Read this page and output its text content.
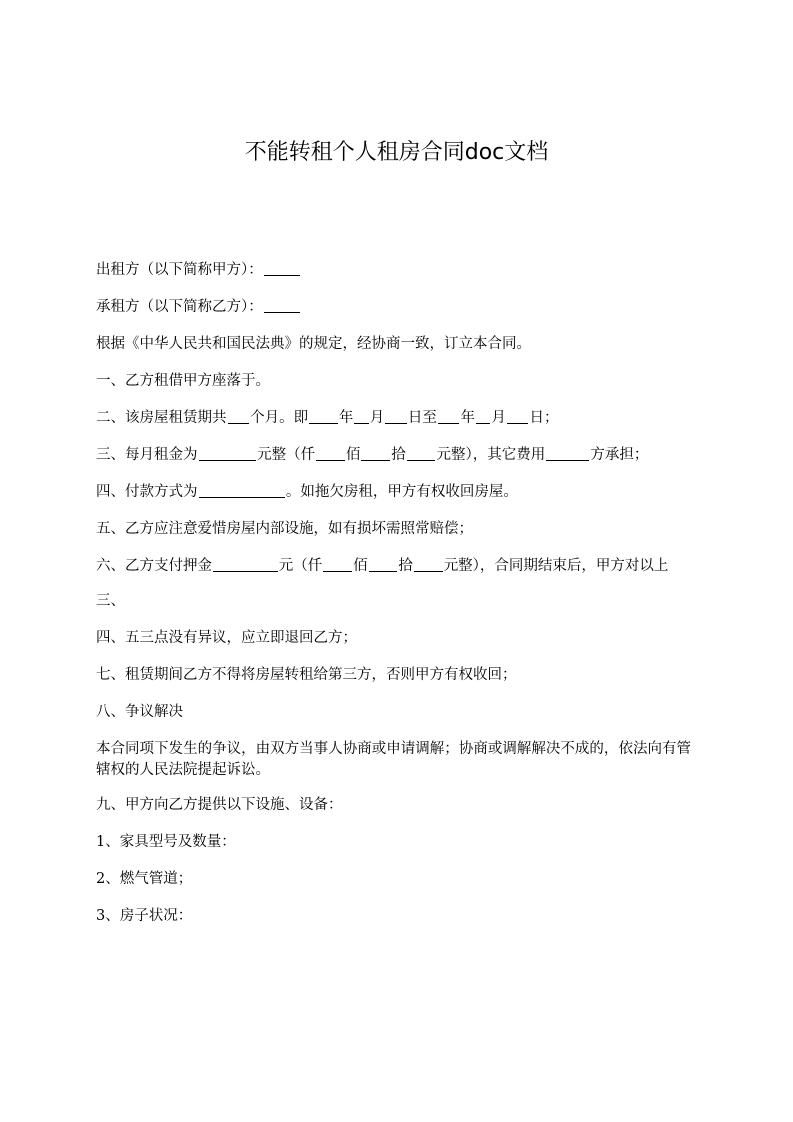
不能转租个人租房合同doc文档

出租方（以下简称甲方）：

承租方（以下简称乙方）：

根据《中华人民共和国民法典》的规定，经协商一致，订立本合同。

一、乙方租借甲方座落于。

二、该房屋租赁期共 个月。即 年 月 日至 年 月 日；

三、每月租金为	元整（仟 佰 拾 元整），其它费用	方承担；

四、付款方式为	。如拖欠房租，甲方有权收回房屋。

五、乙方应注意爱惜房屋内部设施，如有损坏需照常赔偿；

六、乙方支付押金	元（仟 佰 拾 元整），合同期结束后，甲方对以上

三、

四、五三点没有异议，应立即退回乙方；

七、租赁期间乙方不得将房屋转租给第三方，否则甲方有权收回；

八、争议解决

本合同项下发生的争议，由双方当事人协商或申请调解；协商或调解解决不成的，依法向有管辖权的人民法院提起诉讼。

九、甲方向乙方提供以下设施、设备：

1、家具型号及数量：

2、燃气管道；

3、房子状况：
